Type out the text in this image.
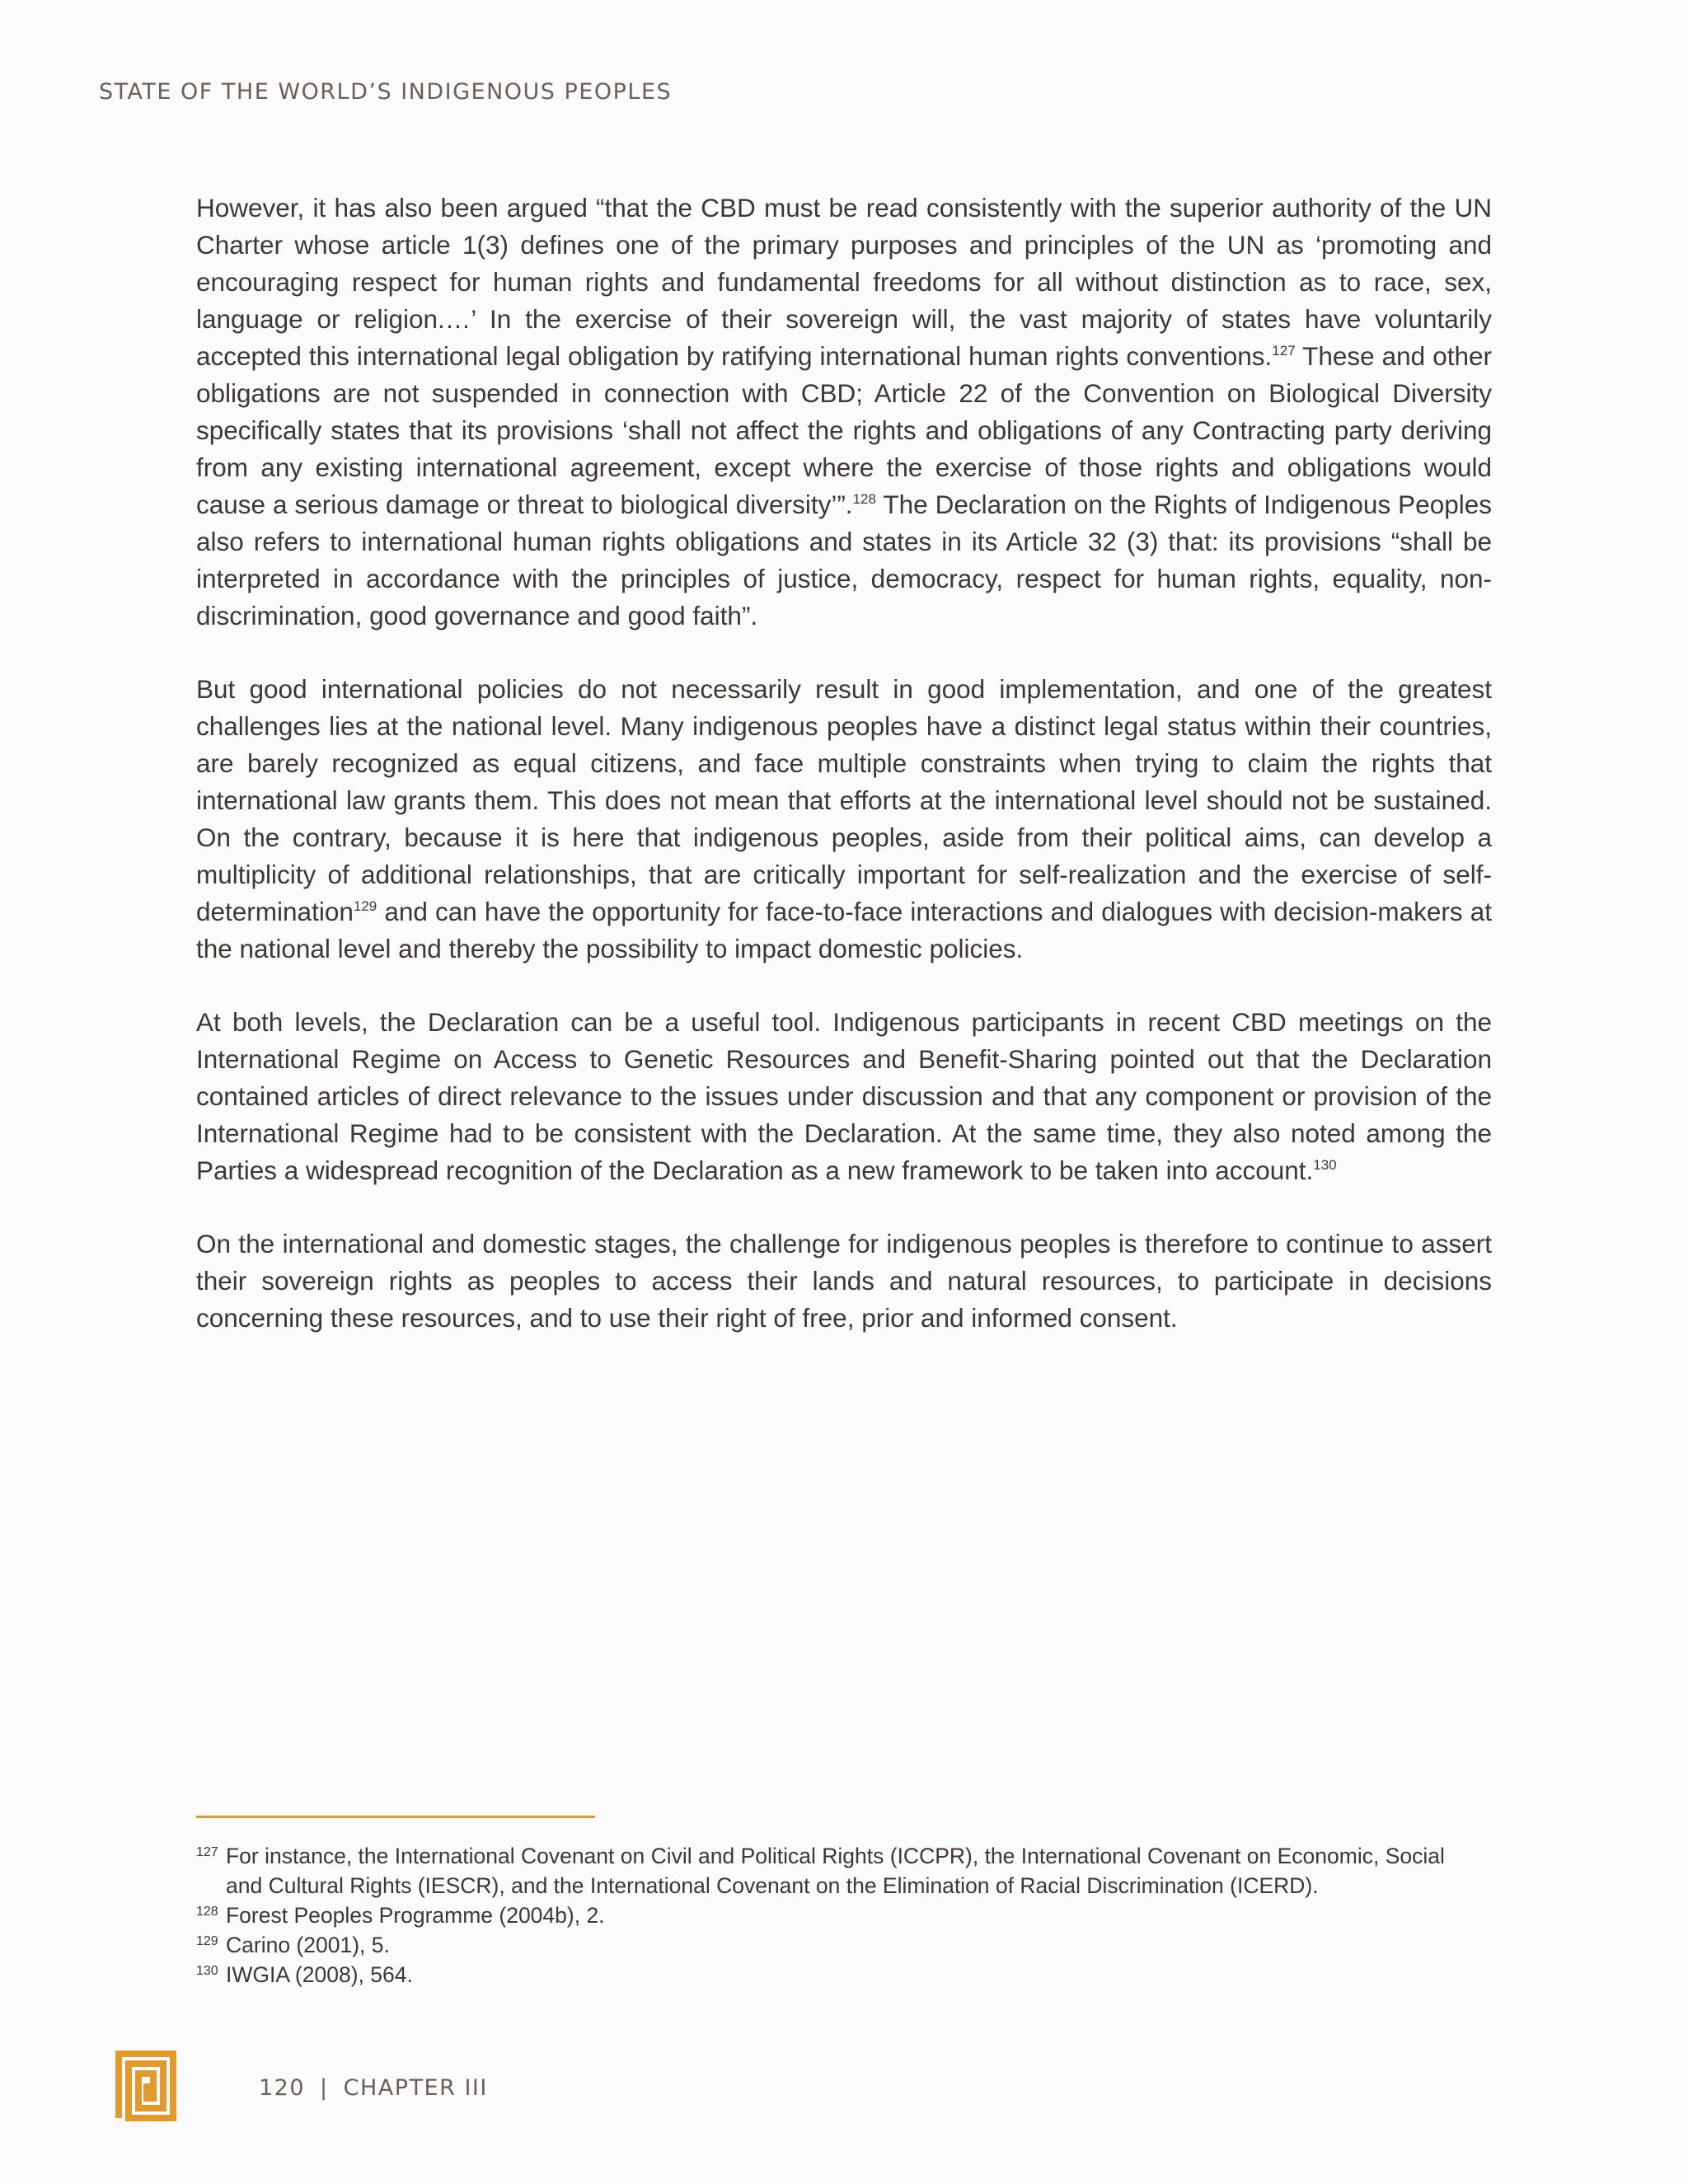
STATE OF THE WORLD’S INDIGENOUS PEOPLES

However, it has also been argued “that the CBD must be read consistently with the superior authority of the UN Charter whose article 1(3) defines one of the primary purposes and principles of the UN as ‘promoting and encouraging respect for human rights and fundamental freedoms for all without distinction as to race, sex, language or religion.…’ In the exercise of their sovereign will, the vast majority of states have voluntarily accepted this international legal obligation by ratifying international human rights conventions.$^{127}$ These and other obligations are not suspended in connection with CBD; Article 22 of the Convention on Biological Diversity specifically states that its provisions ‘shall not affect the rights and obligations of any Contracting party deriving from any existing international agreement, except where the exercise of those rights and obligations would cause a serious damage or threat to biological diversity’”.$^{128}$ The Declaration on the Rights of Indigenous Peoples also refers to international human rights obligations and states in its Article 32 (3) that: its provisions “shall be interpreted in accordance with the principles of justice, democracy, respect for human rights, equality, non-discrimination, good governance and good faith”.

But good international policies do not necessarily result in good implementation, and one of the greatest challenges lies at the national level. Many indigenous peoples have a distinct legal status within their countries, are barely recognized as equal citizens, and face multiple constraints when trying to claim the rights that international law grants them. This does not mean that efforts at the international level should not be sustained. On the contrary, because it is here that indigenous peoples, aside from their political aims, can develop a multiplicity of additional relationships, that are critically important for self-realization and the exercise of self-determination$^{129}$ and can have the opportunity for face-to-face interactions and dialogues with decision-makers at the national level and thereby the possibility to impact domestic policies.

At both levels, the Declaration can be a useful tool. Indigenous participants in recent CBD meetings on the International Regime on Access to Genetic Resources and Benefit-Sharing pointed out that the Declaration contained articles of direct relevance to the issues under discussion and that any component or provision of the International Regime had to be consistent with the Declaration. At the same time, they also noted among the Parties a widespread recognition of the Declaration as a new framework to be taken into account.$^{130}$

On the international and domestic stages, the challenge for indigenous peoples is therefore to continue to assert their sovereign rights as peoples to access their lands and natural resources, to participate in decisions concerning these resources, and to use their right of free, prior and informed consent.

127 For instance, the International Covenant on Civil and Political Rights (ICCPR), the International Covenant on Economic, Social and Cultural Rights (IESCR), and the International Covenant on the Elimination of Racial Discrimination (ICERD).
128 Forest Peoples Programme (2004b), 2.
129 Carino (2001), 5.
130 IWGIA (2008), 564.
120 | CHAPTER III
